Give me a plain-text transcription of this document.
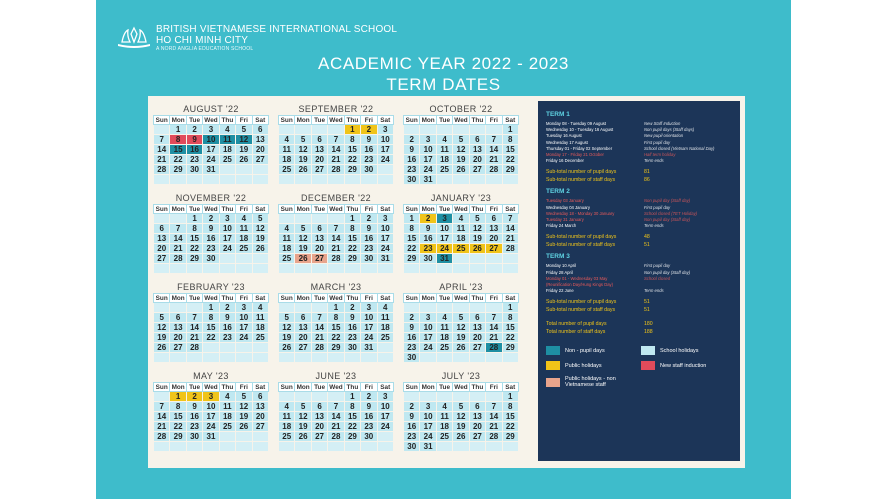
BRITISH VIETNAMESE INTERNATIONAL SCHOOL
HO CHI MINH CITY
A NORD ANGLIA EDUCATION SCHOOL
ACADEMIC YEAR 2022 - 2023
TERM DATES
AUGUST '22
Sun	Mon	Tue	Wed	Thu	Fri	Sat
	1	2	3	4	5	6
7	8	9	10	11	12	13
14	15	16	17	18	19	20
21	22	23	24	25	26	27
28	29	30	31			

SEPTEMBER '22
Sun	Mon	Tue	Wed	Thu	Fri	Sat
				1	2	3
4	5	6	7	8	9	10
11	12	13	14	15	16	17
18	19	20	21	22	23	24
25	26	27	28	29	30	

OCTOBER '22
Sun	Mon	Tue	Wed	Thu	Fri	Sat
						1
2	3	4	5	6	7	8
9	10	11	12	13	14	15
16	17	18	19	20	21	22
23	24	25	26	27	28	29
30	31					
NOVEMBER '22
Sun	Mon	Tue	Wed	Thu	Fri	Sat
		1	2	3	4	5
6	7	8	9	10	11	12
13	14	15	16	17	18	19
20	21	22	23	24	25	26
27	28	29	30			

DECEMBER '22
Sun	Mon	Tue	Wed	Thu	Fri	Sat
				1	2	3
4	5	6	7	8	9	10
11	12	13	14	15	16	17
18	19	20	21	22	23	24
25	26	27	28	29	30	31

JANUARY '23
Sun	Mon	Tue	Wed	Thu	Fri	Sat
1	2	3	4	5	6	7
8	9	10	11	12	13	14
15	16	17	18	19	20	21
22	23	24	25	26	27	28
29	30	31				

FEBRUARY '23
Sun	Mon	Tue	Wed	Thu	Fri	Sat
			1	2	3	4
5	6	7	8	9	10	11
12	13	14	15	16	17	18
19	20	21	22	23	24	25
26	27	28				

MARCH '23
Sun	Mon	Tue	Wed	Thu	Fri	Sat
			1	2	3	4
5	6	7	8	9	10	11
12	13	14	15	16	17	18
19	20	21	22	23	24	25
26	27	28	29	30	31	

APRIL '23
Sun	Mon	Tue	Wed	Thu	Fri	Sat
						1
2	3	4	5	6	7	8
9	10	11	12	13	14	15
16	17	18	19	20	21	22
23	24	25	26	27	28	29
30						
MAY '23
Sun	Mon	Tue	Wed	Thu	Fri	Sat
	1	2	3	4	5	6
7	8	9	10	11	12	13
14	15	16	17	18	19	20
21	22	23	24	25	26	27
28	29	30	31			

JUNE '23
Sun	Mon	Tue	Wed	Thu	Fri	Sat
				1	2	3
4	5	6	7	8	9	10
11	12	13	14	15	16	17
18	19	20	21	22	23	24
25	26	27	28	29	30	

JULY '23
Sun	Mon	Tue	Wed	Thu	Fri	Sat
						1
2	3	4	5	6	7	8
9	10	11	12	13	14	15
16	17	18	19	20	21	22
23	24	25	26	27	28	29
30	31					
TERM 1
Monday 08 - Tuesday 09 August	New Staff Induction
Wednesday 10 - Tuesday 16 August	Non pupil days (Staff days)
Tuesday 16 August	New pupil orientation
Wednesday 17 August	First pupil day
Thursday 01 - Friday 02 September	School closed (Vietnam National Day)
Monday 17 - Friday 21 October	Half term holiday
Friday 16 December	Term ends
Sub-total number of pupil days	81
Sub-total number of staff days	86
TERM 2
Tuesday 03 January	Non pupil day (Staff day)
Wednesday 04 January	First pupil day
Wednesday 18 - Monday 30 January	School closed (TET Holiday)
Tuesday 31 January	Non pupil day (Staff day)
Friday 24 March	Term ends
Sub-total number of pupil days	48
Sub-total number of staff days	51
TERM 3
Monday 10 April	First pupil day
Friday 28 April	Non pupil day (Staff day)
Monday 01 - Wednesday 03 May	School closed
(Reunification Day/Hung Kings Day)
Friday 22 June	Term ends
Sub-total number of pupil days	51
Sub-total number of staff days	51
Total number of pupil days	180
Total number of staff days	188
Non - pupil days	School holidays
Public holidays	New staff induction
Public holidays - non Vietnamese staff
